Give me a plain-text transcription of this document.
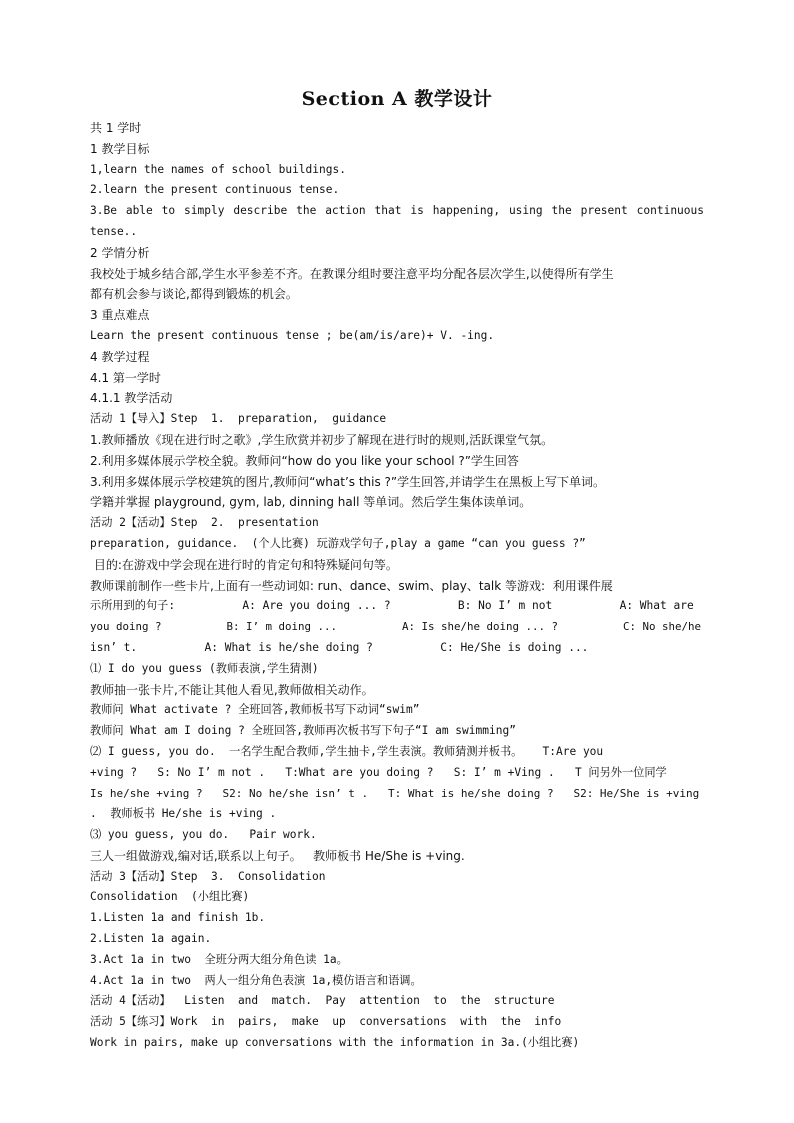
Section A 教学设计
共 1 学时
1 教学目标
1,learn the names of school buildings.
2.learn the present continuous tense.
3.Be able to simply describe the action that is happening, using the present continuous
tense..
2 学情分析
我校处于城乡结合部,学生水平参差不齐。在教课分组时要注意平均分配各层次学生,以使得所有学生
都有机会参与谈论,都得到锻炼的机会。
3 重点难点
Learn the present continuous tense ; be(am/is/are)+ V. -ing.
4 教学过程
4.1 第一学时
4.1.1 教学活动
活动 1【导入】Step  1.  preparation,  guidance
1.教师播放《现在进行时之歌》,学生欣赏并初步了解现在进行时的规则,活跃课堂气氛。
2.利用多媒体展示学校全貌。教师问“how do you like your school ?”学生回答
3.利用多媒体展示学校建筑的图片,教师问“what’s this ?”学生回答,并请学生在黑板上写下单词。
学籍并掌握 playground, gym, lab, dinning hall 等单词。然后学生集体读单词。
活动 2【活动】Step  2.  presentation
preparation, guidance.  (个人比赛) 玩游戏学句子,play a game “can you guess ?”
目的:在游戏中学会现在进行时的肯定句和特殊疑问句等。
教师课前制作一些卡片,上面有一些动词如: run、dance、swim、play、talk 等游戏:  利用课件展
示所用到的句子:          A: Are you doing ... ?          B: No I’ m not          A: What are
you doing ?          B: I’ m doing ...          A: Is she/he doing ... ?          C: No she/he
isn’ t.          A: What is he/she doing ?          C: He/She is doing ...
⑴ I do you guess (教师表演,学生猜测)
教师抽一张卡片,不能让其他人看见,教师做相关动作。
教师问 What activate ? 全班回答,教师板书写下动词“swim”
教师问 What am I doing ? 全班回答,教师再次板书写下句子“I am swimming”
⑵ I guess, you do.  一名学生配合教师,学生抽卡,学生表演。教师猜测并板书。   T:Are you
+ving ?   S: No I’ m not .   T:What are you doing ?   S: I’ m +Ving .   T 问另外一位同学
Is he/she +ving ?   S2: No he/she isn’ t .   T: What is he/she doing ?   S2: He/She is +ving
.  教师板书 He/she is +ving .
⑶ you guess, you do.   Pair work.
三人一组做游戏,编对话,联系以上句子。   教师板书 He/She is +ving.
活动 3【活动】Step  3.  Consolidation
Consolidation  (小组比赛)
1.Listen 1a and finish 1b.
2.Listen 1a again.
3.Act 1a in two  全班分两大组分角色读 1a。
4.Act 1a in two  两人一组分角色表演 1a,模仿语言和语调。
活动 4【活动】  Listen  and  match.  Pay  attention  to  the  structure
活动 5【练习】Work  in  pairs,  make  up  conversations  with  the  info
Work in pairs, make up conversations with the information in 3a.(小组比赛)
